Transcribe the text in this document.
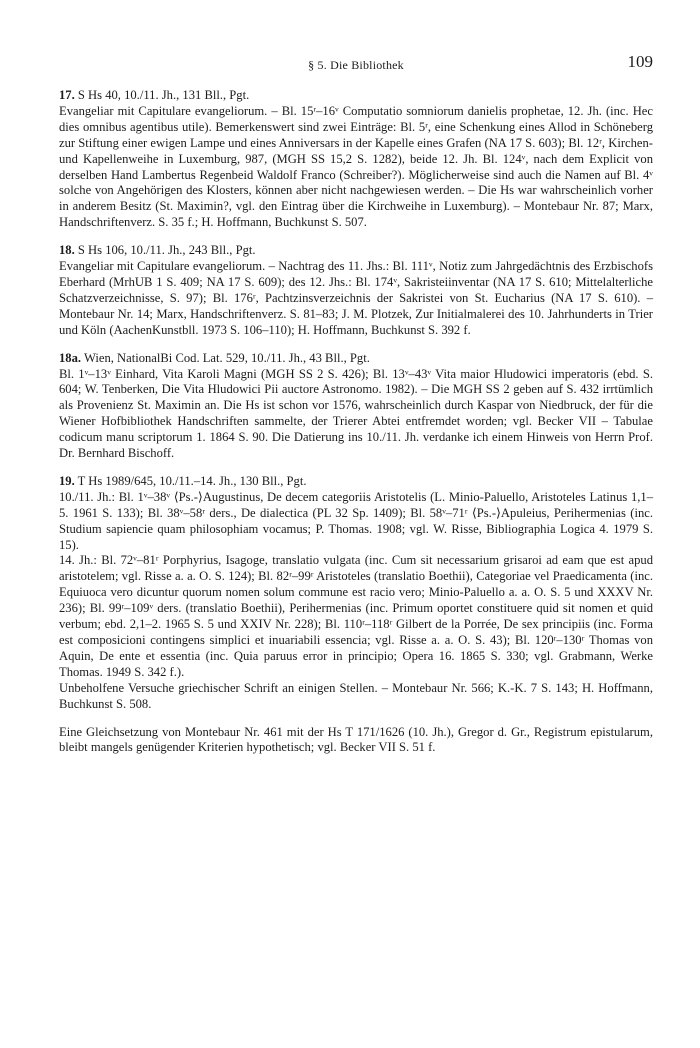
§ 5. Die Bibliothek	109
17. S Hs 40, 10./11. Jh., 131 Bll., Pgt.

Evangeliar mit Capitulare evangeliorum. – Bl. 15ʳ–16ᵛ Computatio somniorum danielis prophetae, 12. Jh. (inc. Hec dies omnibus agentibus utile). Bemerkenswert sind zwei Einträge: Bl. 5ʳ, eine Schenkung eines Allod in Schöneberg zur Stiftung einer ewigen Lampe und eines Anniversars in der Kapelle eines Grafen (NA 17 S. 603); Bl. 12ʳ, Kirchen- und Kapellenweihe in Luxemburg, 987, (MGH SS 15,2 S. 1282), beide 12. Jh. Bl. 124ᵛ, nach dem Explicit von derselben Hand Lambertus Regenbeid Waldolf Franco (Schreiber?). Möglicherweise sind auch die Namen auf Bl. 4ᵛ solche von Angehörigen des Klosters, können aber nicht nachgewiesen werden. – Die Hs war wahrscheinlich vorher in anderem Besitz (St. Maximin?, vgl. den Eintrag über die Kirchweihe in Luxemburg). – Montebaur Nr. 87; Marx, Handschriftenverz. S. 35 f.; H. Hoffmann, Buchkunst S. 507.

18. S Hs 106, 10./11. Jh., 243 Bll., Pgt.

Evangeliar mit Capitulare evangeliorum. – Nachtrag des 11. Jhs.: Bl. 111ᵛ, Notiz zum Jahrgedächtnis des Erzbischofs Eberhard (MrhUB 1 S. 409; NA 17 S. 609); des 12. Jhs.: Bl. 174ᵛ, Sakristeiinventar (NA 17 S. 610; Mittelalterliche Schatzverzeichnisse, S. 97); Bl. 176ʳ, Pachtzinsverzeichnis der Sakristei von St. Eucharius (NA 17 S. 610). – Montebaur Nr. 14; Marx, Handschriftenverz. S. 81–83; J. M. Plotzek, Zur Initialmalerei des 10. Jahrhunderts in Trier und Köln (AachenKunstbll. 1973 S. 106–110); H. Hoffmann, Buchkunst S. 392 f.

18a. Wien, NationalBi Cod. Lat. 529, 10./11. Jh., 43 Bll., Pgt.

Bl. 1ᵛ–13ᵛ Einhard, Vita Karoli Magni (MGH SS 2 S. 426); Bl. 13ᵛ–43ᵛ Vita maior Hludowici imperatoris (ebd. S. 604; W. Tenberken, Die Vita Hludowici Pii auctore Astronomo. 1982). – Die MGH SS 2 geben auf S. 432 irrtümlich als Provenienz St. Maximin an. Die Hs ist schon vor 1576, wahrscheinlich durch Kaspar von Niedbruck, der für die Wiener Hofbibliothek Handschriften sammelte, der Trierer Abtei entfremdet worden; vgl. Becker VII – Tabulae codicum manu scriptorum 1. 1864 S. 90. Die Datierung ins 10./11. Jh. verdanke ich einem Hinweis von Herrn Prof. Dr. Bernhard Bischoff.

19. T Hs 1989/645, 10./11.–14. Jh., 130 Bll., Pgt.

10./11. Jh.: Bl. 1ᵛ–38ᵛ ⟨Ps.-⟩Augustinus, De decem categoriis Aristotelis (L. Minio-Paluello, Aristoteles Latinus 1,1–5. 1961 S. 133); Bl. 38ᵛ–58ʳ ders., De dialectica (PL 32 Sp. 1409); Bl. 58ᵛ–71ʳ ⟨Ps.-⟩Apuleius, Perihermenias (inc. Studium sapiencie quam philosophiam vocamus; P. Thomas. 1908; vgl. W. Risse, Bibliographia Logica 4. 1979 S. 15).

14. Jh.: Bl. 72ᵛ–81ʳ Porphyrius, Isagoge, translatio vulgata (inc. Cum sit necessarium grisaroi ad eam que est apud aristotelem; vgl. Risse a. a. O. S. 124); Bl. 82ʳ–99ʳ Aristoteles (translatio Boethii), Categoriae vel Praedicamenta (inc. Equiuoca vero dicuntur quorum nomen solum commune est racio vero; Minio-Paluello a. a. O. S. 5 und XXXV Nr. 236); Bl. 99ʳ–109ᵛ ders. (translatio Boethii), Perihermenias (inc. Primum oportet constituere quid sit nomen et quid verbum; ebd. 2,1–2. 1965 S. 5 und XXIV Nr. 228); Bl. 110ʳ–118ʳ Gilbert de la Porrée, De sex principiis (inc. Forma est composicioni contingens simplici et inuariabili essencia; vgl. Risse a. a. O. S. 43); Bl. 120ʳ–130ʳ Thomas von Aquin, De ente et essentia (inc. Quia paruus error in principio; Opera 16. 1865 S. 330; vgl. Grabmann, Werke Thomas. 1949 S. 342 f.).

Unbeholfene Versuche griechischer Schrift an einigen Stellen. – Montebaur Nr. 566; K.-K. 7 S. 143; H. Hoffmann, Buchkunst S. 508.

Eine Gleichsetzung von Montebaur Nr. 461 mit der Hs T 171/1626 (10. Jh.), Gregor d. Gr., Registrum epistularum, bleibt mangels genügender Kriterien hypothetisch; vgl. Becker VII S. 51 f.
